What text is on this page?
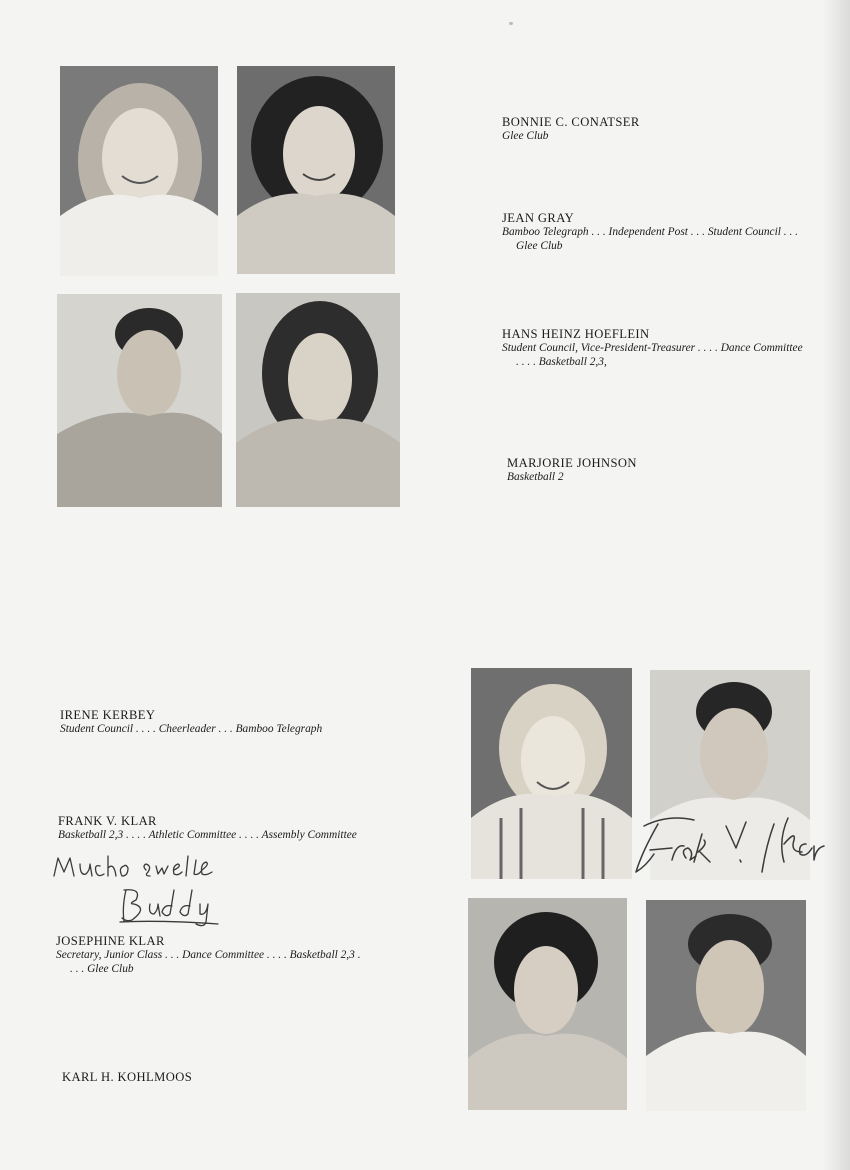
BONNIE C. CONATSER
Glee Club
JEAN GRAY
Bamboo Telegraph . . . Independent Post . . . Student Council . . . Glee Club
HANS HEINZ HOEFLEIN
Student Council, Vice-President-Treasurer . . . . Dance Committee . . . . Basketball 2,3,
MARJORIE JOHNSON
Basketball 2
IRENE KERBEY
Student Council . . . . Cheerleader . . . Bamboo Telegraph
FRANK V. KLAR
Basketball 2,3 . . . . Athletic Committee . . . . Assembly Committee
JOSEPHINE KLAR
Secretary, Junior Class . . . Dance Committee . . . . Basketball 2,3 . . . . Glee Club
KARL H. KOHLMOOS
